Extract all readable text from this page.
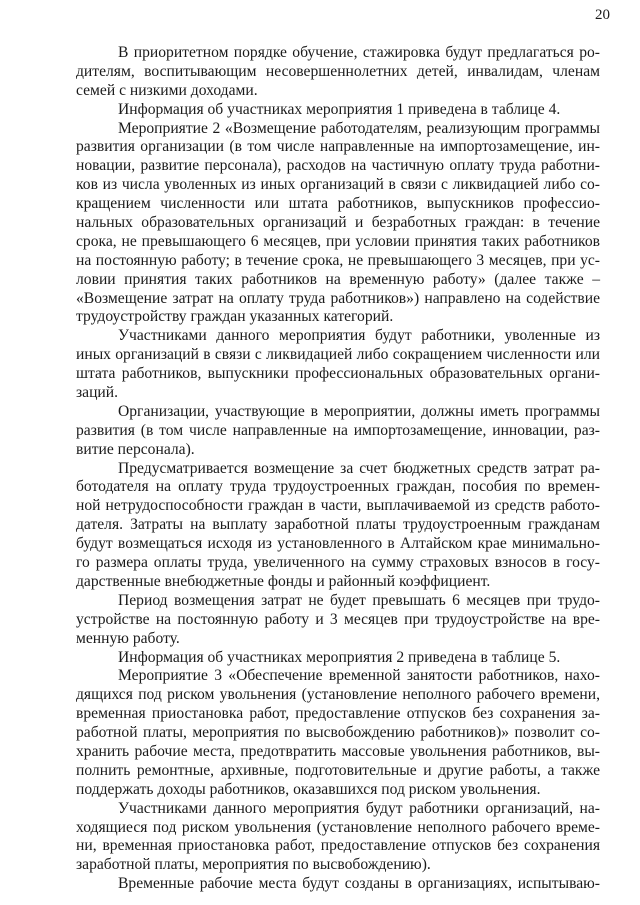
20
В приоритетном порядке обучение, стажировка будут предлагаться ро-
дителям, воспитывающим несовершеннолетних детей, инвалидам, членам
семей с низкими доходами.
Информация об участниках мероприятия 1 приведена в таблице 4.
Мероприятие 2 «Возмещение работодателям, реализующим программы
развития организации (в том числе направленные на импортозамещение, ин-
новации, развитие персонала), расходов на частичную оплату труда работни-
ков из числа уволенных из иных организаций в связи с ликвидацией либо со-
кращением численности или штата работников, выпускников профессио-
нальных образовательных организаций и безработных граждан: в течение
срока, не превышающего 6 месяцев, при условии принятия таких работников
на постоянную работу; в течение срока, не превышающего 3 месяцев, при ус-
ловии принятия таких работников на временную работу» (далее также –
«Возмещение затрат на оплату труда работников») направлено на содействие
трудоустройству граждан указанных категорий.
Участниками данного мероприятия будут работники, уволенные из
иных организаций в связи с ликвидацией либо сокращением численности или
штата работников, выпускники профессиональных образовательных органи-
заций.
Организации, участвующие в мероприятии, должны иметь программы
развития (в том числе направленные на импортозамещение, инновации, раз-
витие персонала).
Предусматривается возмещение за счет бюджетных средств затрат ра-
ботодателя на оплату труда трудоустроенных граждан, пособия по времен-
ной нетрудоспособности граждан в части, выплачиваемой из средств работо-
дателя. Затраты на выплату заработной платы трудоустроенным гражданам
будут возмещаться исходя из установленного в Алтайском крае минимально-
го размера оплаты труда, увеличенного на сумму страховых взносов в госу-
дарственные внебюджетные фонды и районный коэффициент.
Период возмещения затрат не будет превышать 6 месяцев при трудо-
устройстве на постоянную работу и 3 месяцев при трудоустройстве на вре-
менную работу.
Информация об участниках мероприятия 2 приведена в таблице 5.
Мероприятие 3 «Обеспечение временной занятости работников, нахо-
дящихся под риском увольнения (установление неполного рабочего времени,
временная приостановка работ, предоставление отпусков без сохранения за-
работной платы, мероприятия по высвобождению работников)» позволит со-
хранить рабочие места, предотвратить массовые увольнения работников, вы-
полнить ремонтные, архивные, подготовительные и другие работы, а также
поддержать доходы работников, оказавшихся под риском увольнения.
Участниками данного мероприятия будут работники организаций, на-
ходящиеся под риском увольнения (установление неполного рабочего време-
ни, временная приостановка работ, предоставление отпусков без сохранения
заработной платы, мероприятия по высвобождению).
Временные рабочие места будут созданы в организациях, испытываю-
